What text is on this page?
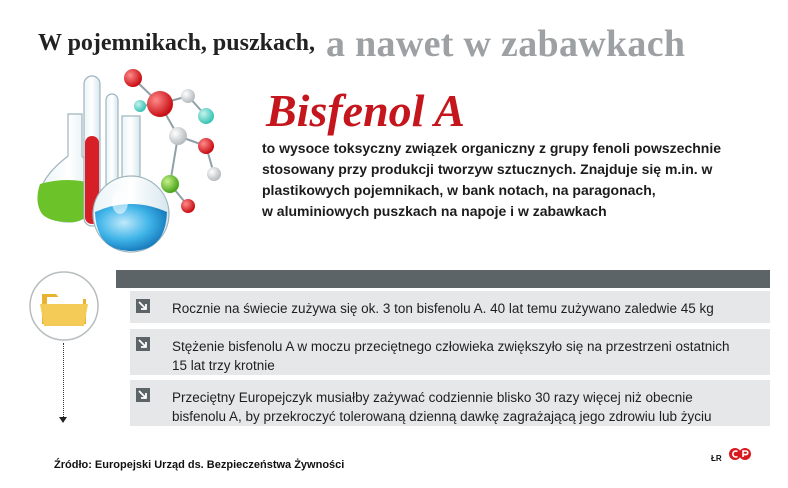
W pojemnikach, puszkach, a nawet w zabawkach
Bisfenol A
to wysoce toksyczny związek organiczny z grupy fenoli powszechnie
stosowany przy produkcji tworzyw sztucznych. Znajduje się m.in. w
plastikowych pojemnikach, w bank notach, na paragonach,
w aluminiowych puszkach na napoje i w zabawkach
Rocznie na świecie zużywa się ok. 3 ton bisfenolu A. 40 lat temu zużywano zaledwie 45 kg
Stężenie bisfenolu A w moczu przeciętnego człowieka zwiększyło się na przestrzeni ostatnich
15 lat trzy krotnie
Przeciętny Europejczyk musiałby zażywać codziennie blisko 30 razy więcej niż obecnie
bisfenolu A, by przekroczyć tolerowaną dzienną dawkę zagrażającą jego zdrowiu lub życiu
Źródło: Europejski Urząd ds. Bezpieczeństwa Żywności
ŁR
